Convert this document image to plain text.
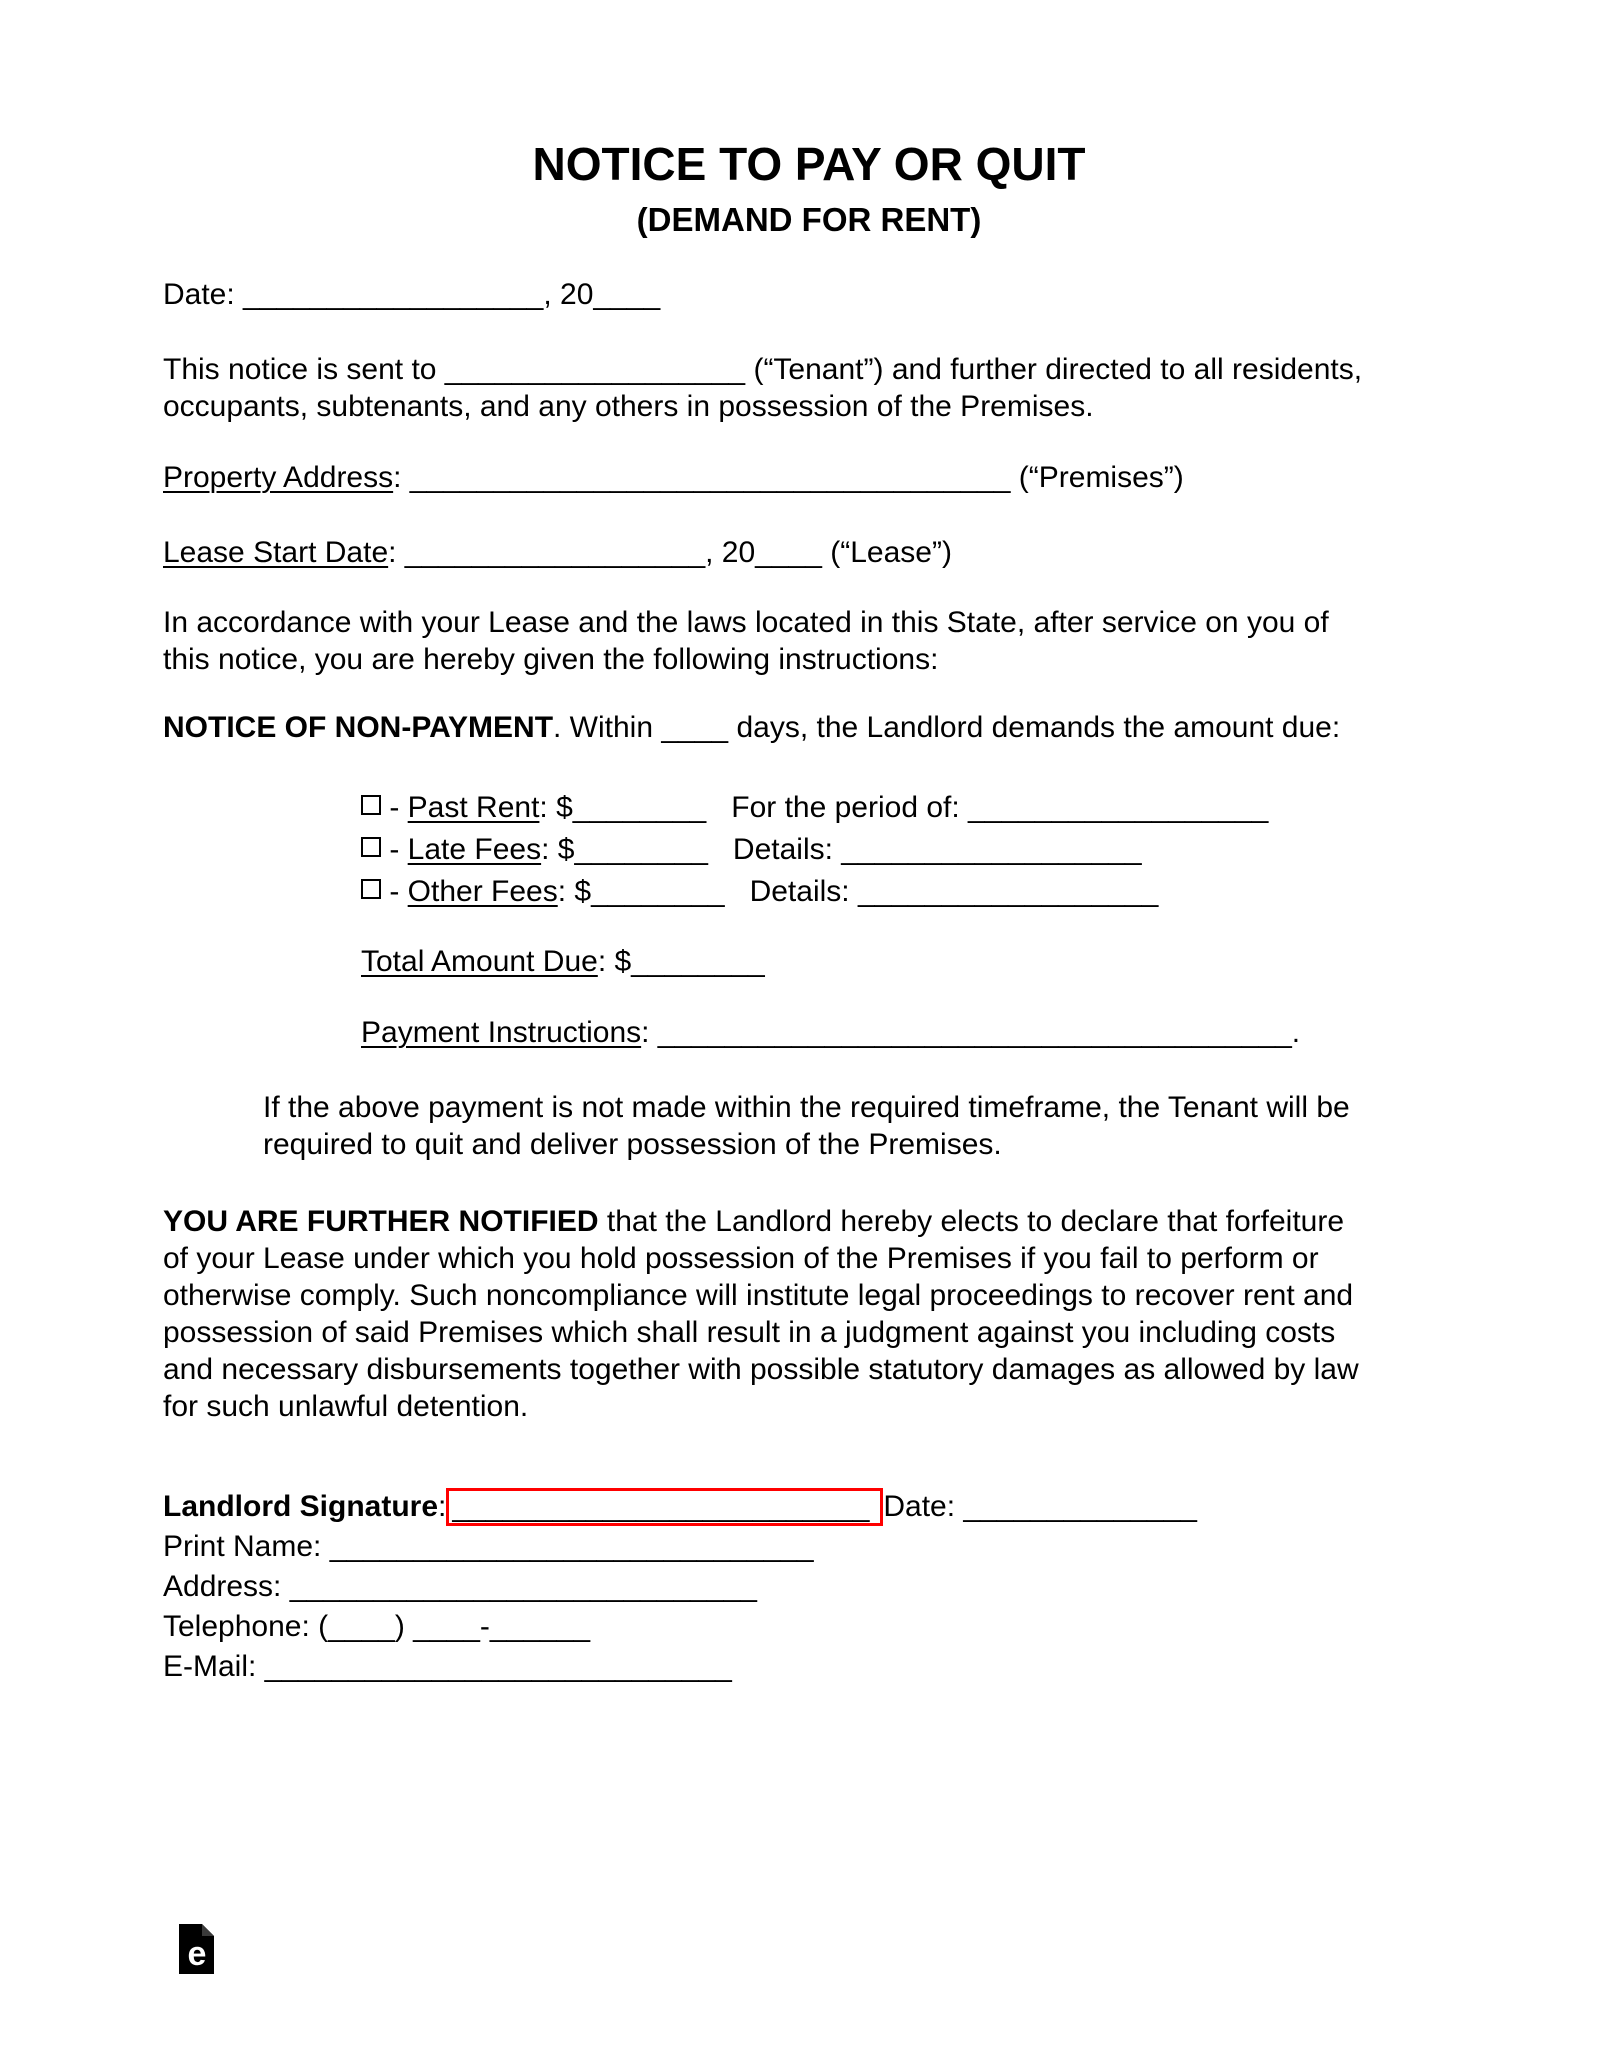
NOTICE TO PAY OR QUIT
(DEMAND FOR RENT)
Date: __________________, 20____
This notice is sent to __________________ (“Tenant”) and further directed to all residents,
occupants, subtenants, and any others in possession of the Premises.
Property Address: ____________________________________ (“Premises”)
Lease Start Date: __________________, 20____ (“Lease”)
In accordance with your Lease and the laws located in this State, after service on you of
this notice, you are hereby given the following instructions:
NOTICE OF NON-PAYMENT. Within ____ days, the Landlord demands the amount due:
- Past Rent: $________   For the period of: __________________
- Late Fees: $________   Details: __________________
- Other Fees: $________   Details: __________________
Total Amount Due: $________
Payment Instructions: ______________________________________.
If the above payment is not made within the required timeframe, the Tenant will be
required to quit and deliver possession of the Premises.
YOU ARE FURTHER NOTIFIED that the Landlord hereby elects to declare that forfeiture
of your Lease under which you hold possession of the Premises if you fail to perform or
otherwise comply. Such noncompliance will institute legal proceedings to recover rent and
possession of said Premises which shall result in a judgment against you including costs
and necessary disbursements together with possible statutory damages as allowed by law
for such unlawful detention.
Landlord Signature: _________________________ Date: ______________
Print Name: _____________________________
Address: ____________________________
Telephone: (____) ____-______
E-Mail: ____________________________
e
